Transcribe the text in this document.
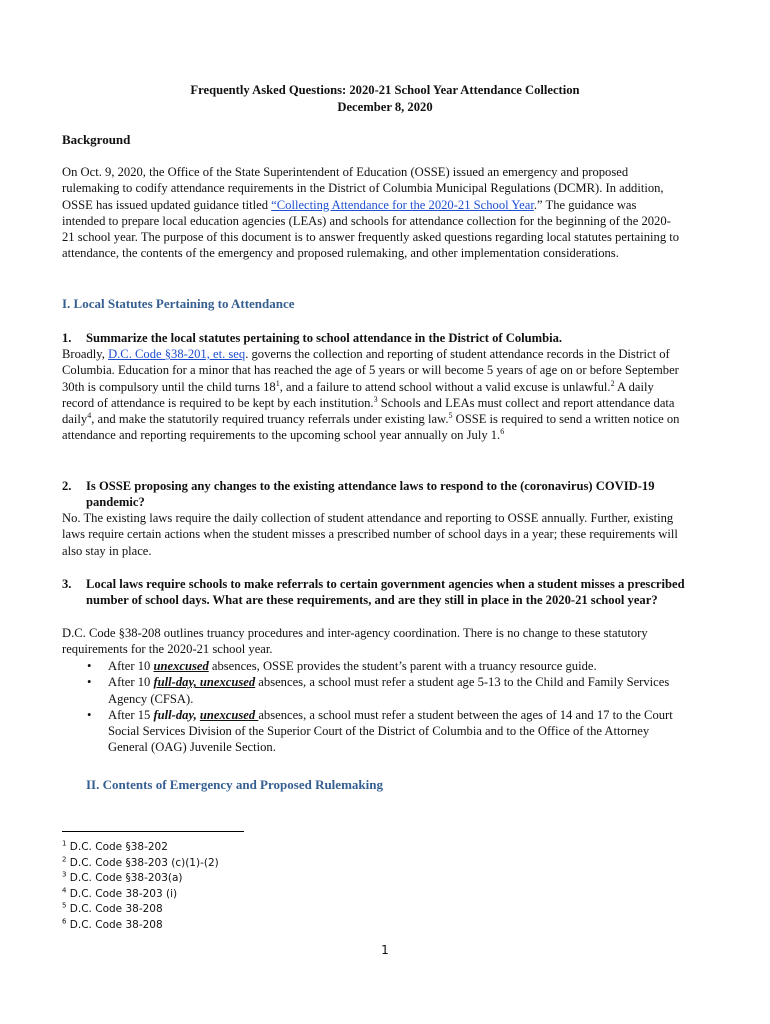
Frequently Asked Questions: 2020-21 School Year Attendance Collection
December 8, 2020
Background
On Oct. 9, 2020, the Office of the State Superintendent of Education (OSSE) issued an emergency and proposed rulemaking to codify attendance requirements in the District of Columbia Municipal Regulations (DCMR). In addition, OSSE has issued updated guidance titled “Collecting Attendance for the 2020-21 School Year.” The guidance was intended to prepare local education agencies (LEAs) and schools for attendance collection for the beginning of the 2020-21 school year. The purpose of this document is to answer frequently asked questions regarding local statutes pertaining to attendance, the contents of the emergency and proposed rulemaking, and other implementation considerations.
I. Local Statutes Pertaining to Attendance
1. Summarize the local statutes pertaining to school attendance in the District of Columbia.
Broadly, D.C. Code §38-201, et. seq. governs the collection and reporting of student attendance records in the District of Columbia. Education for a minor that has reached the age of 5 years or will become 5 years of age on or before September 30th is compulsory until the child turns $18^1$, and a failure to attend school without a valid excuse is unlawful.$^2$ A daily record of attendance is required to be kept by each institution.$^3$ Schools and LEAs must collect and report attendance data daily$^4$, and make the statutorily required truancy referrals under existing law.$^5$ OSSE is required to send a written notice on attendance and reporting requirements to the upcoming school year annually on July 1.$^6$
2. Is OSSE proposing any changes to the existing attendance laws to respond to the (coronavirus) COVID-19 pandemic?
No. The existing laws require the daily collection of student attendance and reporting to OSSE annually. Further, existing laws require certain actions when the student misses a prescribed number of school days in a year; these requirements will also stay in place.
3. Local laws require schools to make referrals to certain government agencies when a student misses a prescribed number of school days. What are these requirements, and are they still in place in the 2020-21 school year?
D.C. Code §38-208 outlines truancy procedures and inter-agency coordination. There is no change to these statutory requirements for the 2020-21 school year.
• After 10 unexcused absences, OSSE provides the student’s parent with a truancy resource guide.
• After 10 full-day, unexcused absences, a school must refer a student age 5-13 to the Child and Family Services Agency (CFSA).
• After 15 full-day, unexcused absences, a school must refer a student between the ages of 14 and 17 to the Court Social Services Division of the Superior Court of the District of Columbia and to the Office of the Attorney General (OAG) Juvenile Section.
II. Contents of Emergency and Proposed Rulemaking
$^1$ D.C. Code §38-202
$^2$ D.C. Code §38-203 (c)(1)-(2)
$^3$ D.C. Code §38-203(a)
$^4$ D.C. Code 38-203 (i)
$^5$ D.C. Code 38-208
$^6$ D.C. Code 38-208
1
